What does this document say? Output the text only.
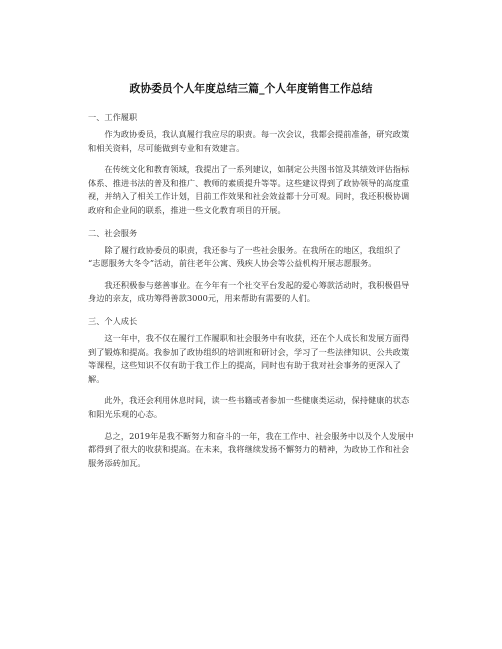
政协委员个人年度总结三篇_个人年度销售工作总结
一、工作履职
作为政协委员，我认真履行我应尽的职责。每一次会议，我都会提前准备，研究政策
和相关资料，尽可能做到专业和有效建言。
在传统文化和教育领域，我提出了一系列建议，如制定公共图书馆及其绩效评估指标
体系、推进书法的普及和推广、教师的素质提升等等。这些建议得到了政协领导的高度重
视，并纳入了相关工作计划，目前工作效果和社会效益都十分可观。同时，我还积极协调
政府和企业间的联系，推进一些文化教育项目的开展。
二、社会服务
除了履行政协委员的职责，我还参与了一些社会服务。在我所在的地区，我组织了
“志愿服务大冬令”活动，前往老年公寓、残疾人协会等公益机构开展志愿服务。
我还积极参与慈善事业。在今年有一个社交平台发起的爱心筹款活动时，我积极倡导
身边的亲友，成功筹得善款3000元，用来帮助有需要的人们。
三、个人成长
这一年中，我不仅在履行工作履职和社会服务中有收获，还在个人成长和发展方面得
到了锻炼和提高。我参加了政协组织的培训班和研讨会，学习了一些法律知识、公共政策
等课程，这些知识不仅有助于我工作上的提高，同时也有助于我对社会事务的更深入了
解。
此外，我还会利用休息时间，读一些书籍或者参加一些健康类运动，保持健康的状态
和阳光乐观的心态。
总之，2019年是我不断努力和奋斗的一年，我在工作中、社会服务中以及个人发展中
都得到了很大的收获和提高。在未来，我将继续发扬不懈努力的精神，为政协工作和社会
服务添砖加瓦。
